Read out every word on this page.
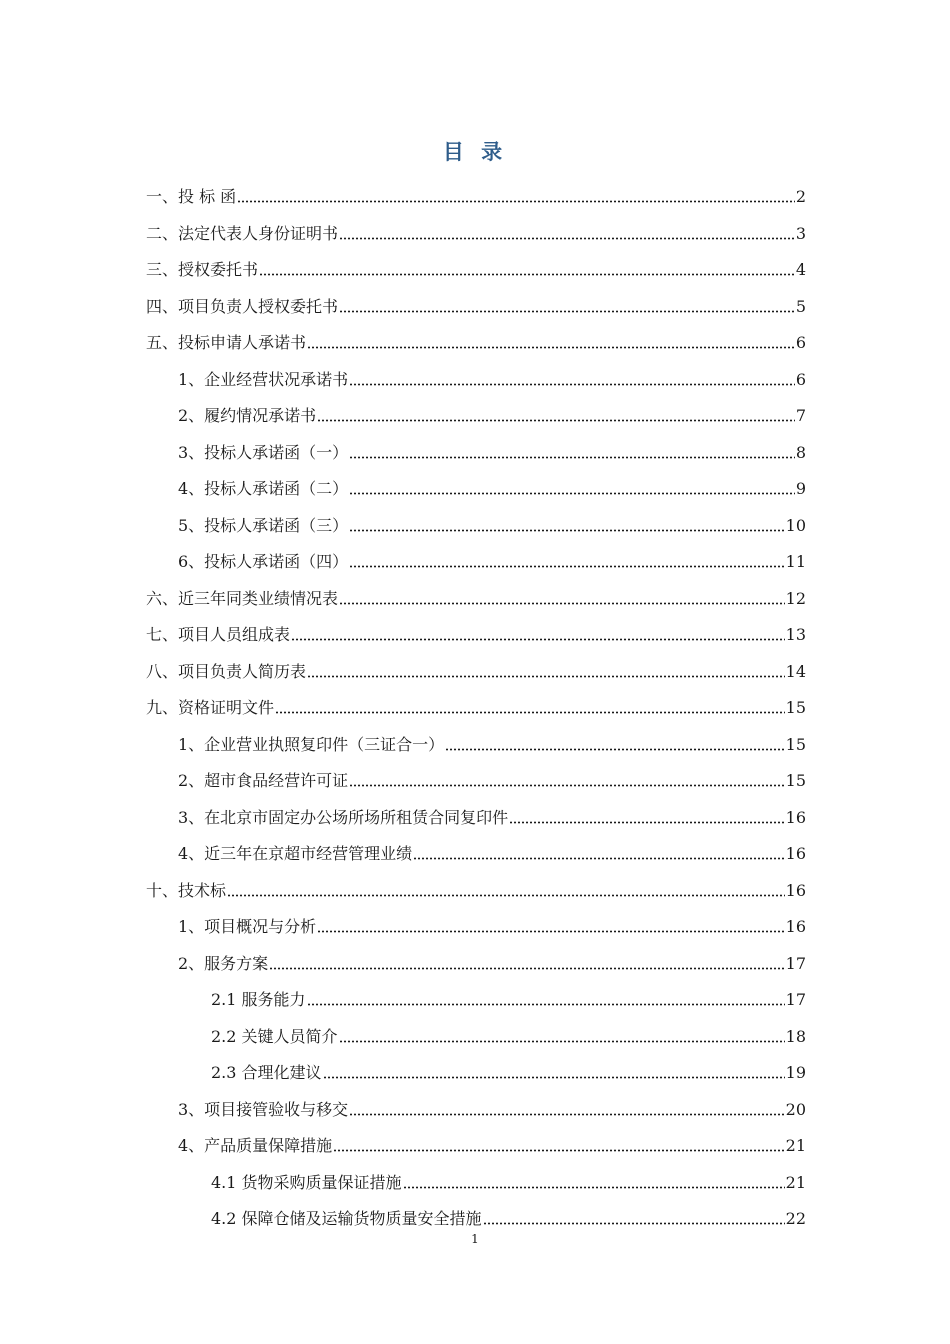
目 录
一、投 标 函	2
二、法定代表人身份证明书	3
三、授权委托书	4
四、项目负责人授权委托书	5
五、投标申请人承诺书	6
1、企业经营状况承诺书	6
2、履约情况承诺书	7
3、投标人承诺函（一）	8
4、投标人承诺函（二）	9
5、投标人承诺函（三）	10
6、投标人承诺函（四）	11
六、近三年同类业绩情况表	12
七、项目人员组成表	13
八、项目负责人简历表	14
九、资格证明文件	15
1、企业营业执照复印件（三证合一）	15
2、超市食品经营许可证	15
3、在北京市固定办公场所场所租赁合同复印件	16
4、近三年在京超市经营管理业绩	16
十、技术标	16
1、项目概况与分析	16
2、服务方案	17
2.1 服务能力	17
2.2 关键人员简介	18
2.3 合理化建议	19
3、项目接管验收与移交	20
4、产品质量保障措施	21
4.1 货物采购质量保证措施	21
4.2 保障仓储及运输货物质量安全措施	22
1
